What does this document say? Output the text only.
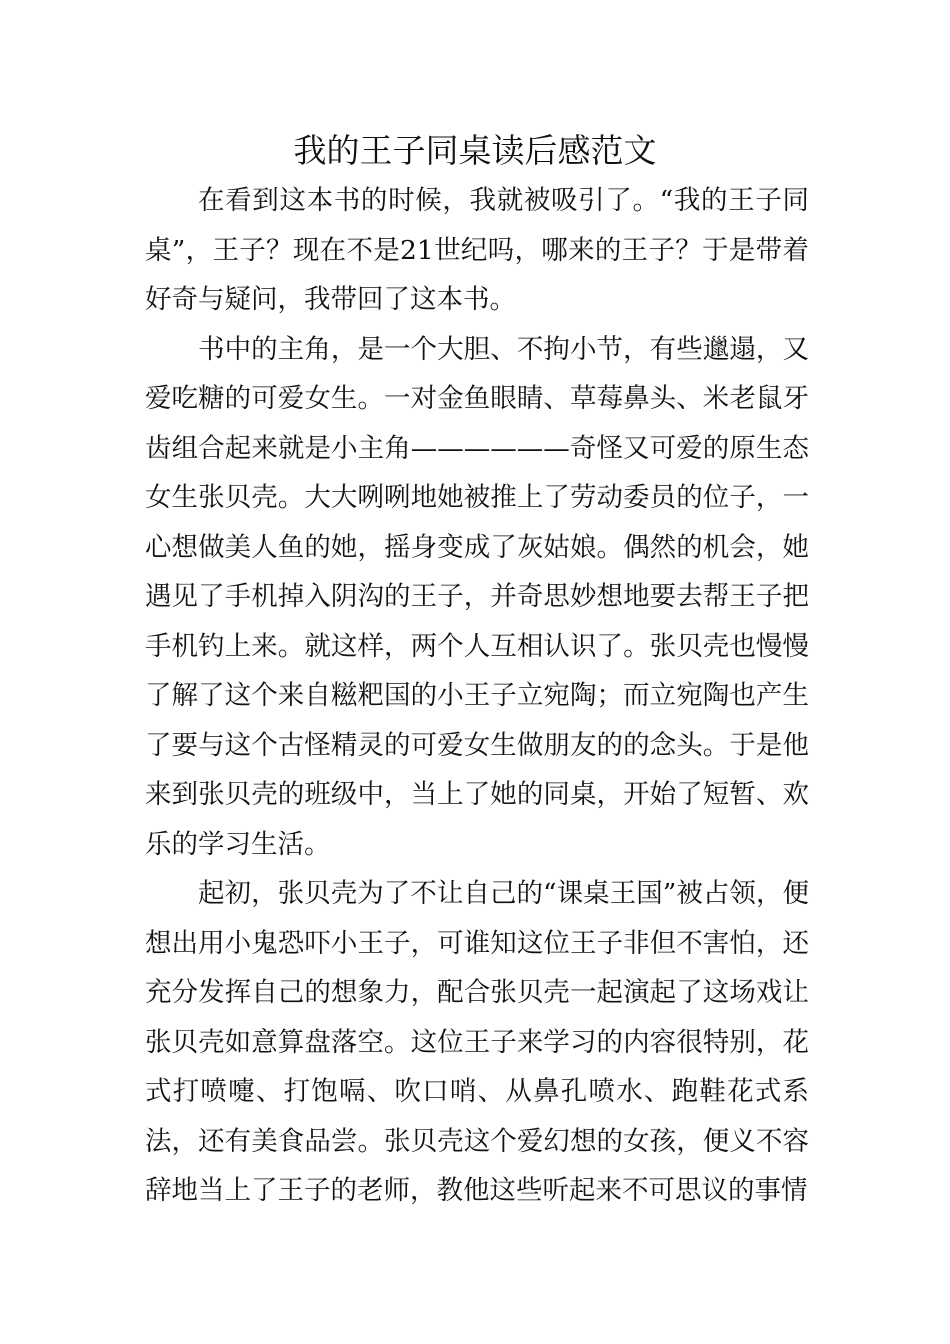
我的王子同桌读后感范文

在看到这本书的时候，我就被吸引了。“我的王子同桌”，王子？现在不是21世纪吗，哪来的王子？于是带着好奇与疑问，我带回了这本书。

书中的主角，是一个大胆、不拘小节，有些邋遢，又爱吃糖的可爱女生。一对金鱼眼睛、草莓鼻头、米老鼠牙齿组合起来就是小主角——————奇怪又可爱的原生态女生张贝壳。大大咧咧地她被推上了劳动委员的位子，一心想做美人鱼的她，摇身变成了灰姑娘。偶然的机会，她遇见了手机掉入阴沟的王子，并奇思妙想地要去帮王子把手机钓上来。就这样，两个人互相认识了。张贝壳也慢慢了解了这个来自糍粑国的小王子立宛陶；而立宛陶也产生了要与这个古怪精灵的可爱女生做朋友的的念头。于是他来到张贝壳的班级中，当上了她的同桌，开始了短暂、欢乐的学习生活。

起初，张贝壳为了不让自己的“课桌王国”被占领，便想出用小鬼恐吓小王子，可谁知这位王子非但不害怕，还充分发挥自己的想象力，配合张贝壳一起演起了这场戏让张贝壳如意算盘落空。这位王子来学习的内容很特别，花式打喷嚏、打饱嗝、吹口哨、从鼻孔喷水、跑鞋花式系法，还有美食品尝。张贝壳这个爱幻想的女孩，便义不容辞地当上了王子的老师，教他这些听起来不可思议的事情
